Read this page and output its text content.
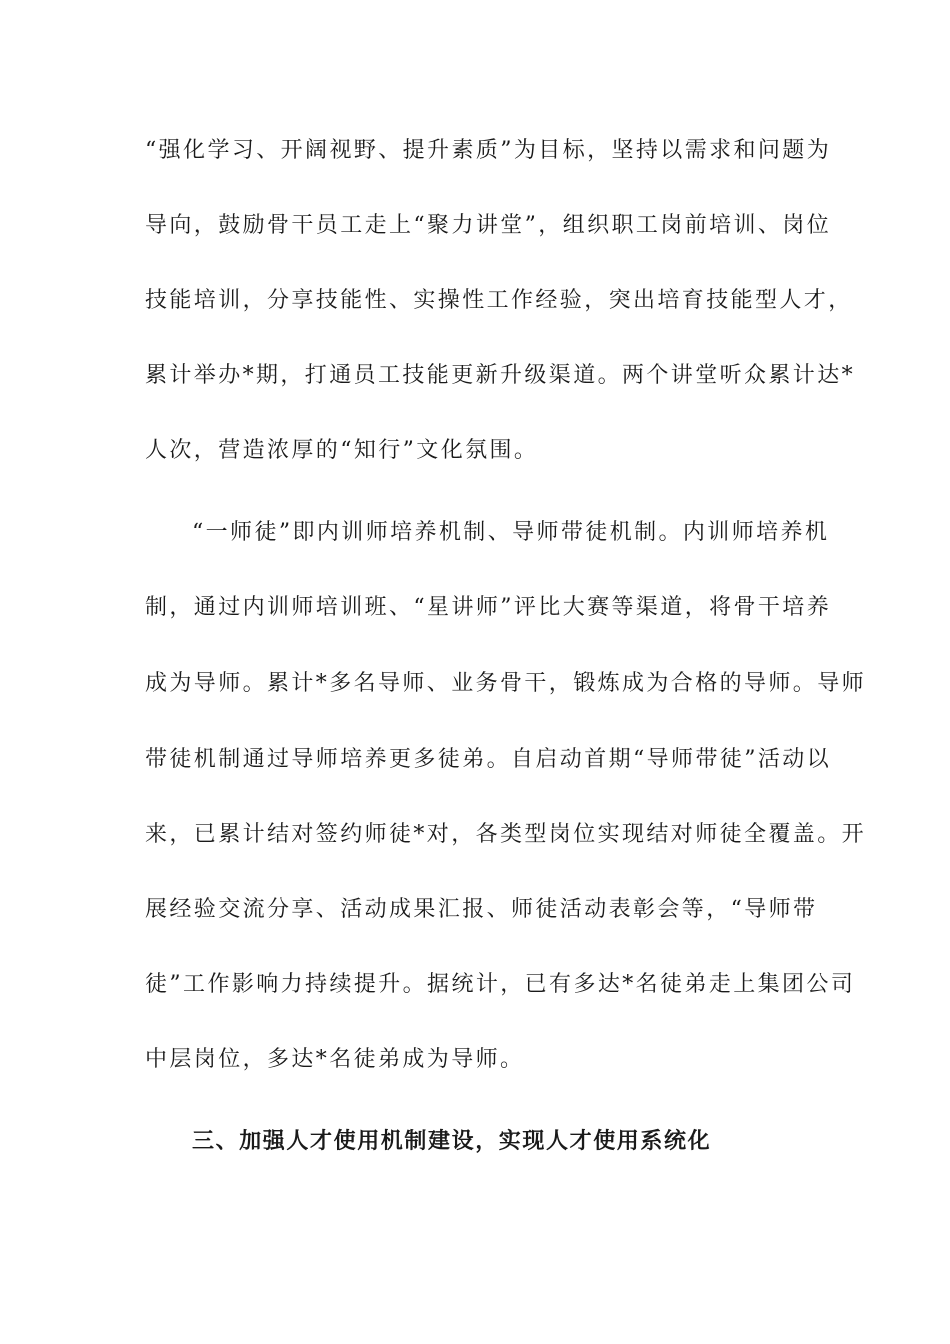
“强化学习、开阔视野、提升素质”为目标，坚持以需求和问题为
导向，鼓励骨干员工走上“聚力讲堂”，组织职工岗前培训、岗位
技能培训，分享技能性、实操性工作经验，突出培育技能型人才，
累计举办*期，打通员工技能更新升级渠道。两个讲堂听众累计达*
人次，营造浓厚的“知行”文化氛围。
“一师徒”即内训师培养机制、导师带徒机制。内训师培养机
制，通过内训师培训班、“星讲师”评比大赛等渠道，将骨干培养
成为导师。累计*多名导师、业务骨干，锻炼成为合格的导师。导师
带徒机制通过导师培养更多徒弟。自启动首期“导师带徒”活动以
来，已累计结对签约师徒*对，各类型岗位实现结对师徒全覆盖。开
展经验交流分享、活动成果汇报、师徒活动表彰会等，“导师带
徒”工作影响力持续提升。据统计，已有多达*名徒弟走上集团公司
中层岗位，多达*名徒弟成为导师。
三、加强人才使用机制建设，实现人才使用系统化
